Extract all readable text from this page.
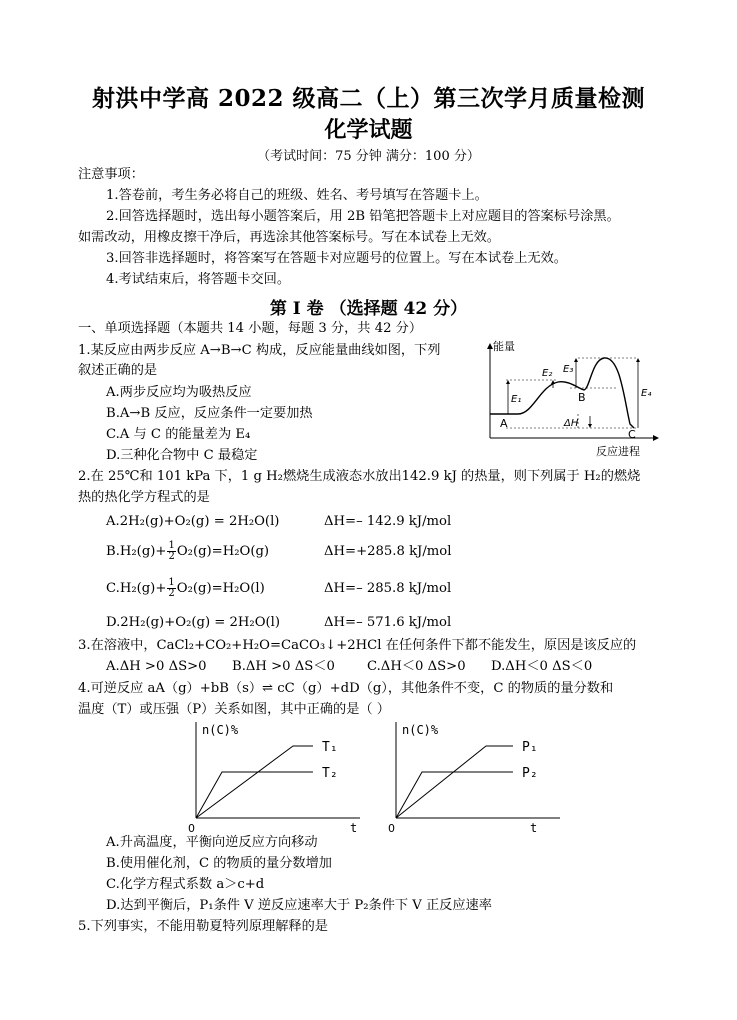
射洪中学高 2022 级高二（上）第三次学月质量检测
化学试题
（考试时间：75 分钟 满分：100 分）
注意事项：
1.答卷前，考生务必将自己的班级、姓名、考号填写在答题卡上。
2.回答选择题时，选出每小题答案后，用 2B 铅笔把答题卡上对应题目的答案标号涂黑。
如需改动，用橡皮擦干净后，再选涂其他答案标号。写在本试卷上无效。
3.回答非选择题时，将答案写在答题卡对应题号的位置上。写在本试卷上无效。
4.考试结束后，将答题卡交回。
第 I 卷 （选择题 42 分）
一、单项选择题（本题共 14 小题，每题 3 分，共 42 分）
1.某反应由两步反应 A→B→C 构成，反应能量曲线如图，下列
叙述正确的是
A.两步反应均为吸热反应
B.A→B 反应，反应条件一定要加热
C.A 与 C 的能量差为 E₄
D.三种化合物中 C 最稳定
能量
反应进程
E₁
E₂ E₃
E₄
A
B
C
ΔH
2.在 25℃和 101 kPa 下，1 g H₂燃烧生成液态水放出142.9 kJ 的热量，则下列属于 H₂的燃烧
热的热化学方程式的是
A.2H₂(g)+O₂(g) = 2H₂O(l)	ΔH=– 142.9 kJ/mol
$B.H_2(g)+ \frac{1}{2} O_2(g)=H_2O(g)$	ΔH=+285.8 kJ/mol
$C.H_2(g)+ \frac{1}{2} O_2(g)=H_2O(l)$	ΔH=– 285.8 kJ/mol
D.2H₂(g)+O₂(g) = 2H₂O(l)	ΔH=– 571.6 kJ/mol
3.在溶液中，CaCl₂+CO₂+H₂O=CaCO₃↓+2HCl 在任何条件下都不能发生，原因是该反应的
A.ΔH >0 ΔS>0 B.ΔH >0 ΔS＜0 C.ΔH＜0 ΔS>0 D.ΔH＜0 ΔS＜0
4.可逆反应 aA（g）+bB（s）⇌ cC（g）+dD（g），其他条件不变，C 的物质的量分数和
温度（T）或压强（P）关系如图，其中正确的是（ ）
n(C)%
0	t
T₁
T₂
n(C)%
0	t
P₁
P₂
A.升高温度，平衡向逆反应方向移动
B.使用催化剂，C 的物质的量分数增加
C.化学方程式系数 a＞c+d
D.达到平衡后，P₁条件 V 逆反应速率大于 P₂条件下 V 正反应速率
5.下列事实，不能用勒夏特列原理解释的是
